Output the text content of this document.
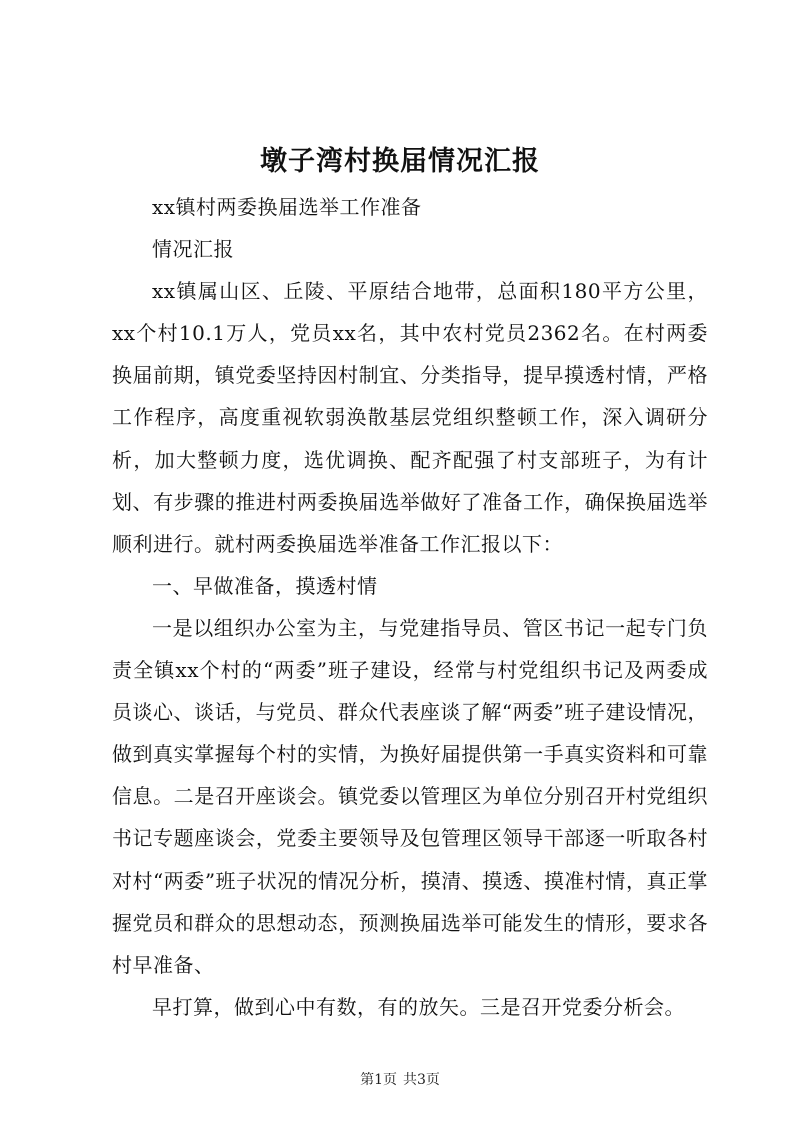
墩子湾村换届情况汇报

xx镇村两委换届选举工作准备

情况汇报

xx镇属山区、丘陵、平原结合地带，总面积180平方公里，xx个村10.1万人，党员xx名，其中农村党员2362名。在村两委换届前期，镇党委坚持因村制宜、分类指导，提早摸透村情，严格工作程序，高度重视软弱涣散基层党组织整顿工作，深入调研分析，加大整顿力度，选优调换、配齐配强了村支部班子，为有计划、有步骤的推进村两委换届选举做好了准备工作，确保换届选举顺利进行。就村两委换届选举准备工作汇报以下：

一、早做准备，摸透村情

一是以组织办公室为主，与党建指导员、管区书记一起专门负责全镇xx个村的“两委”班子建设，经常与村党组织书记及两委成员谈心、谈话，与党员、群众代表座谈了解“两委”班子建设情况，做到真实掌握每个村的实情，为换好届提供第一手真实资料和可靠信息。二是召开座谈会。镇党委以管理区为单位分别召开村党组织书记专题座谈会，党委主要领导及包管理区领导干部逐一听取各村对村“两委”班子状况的情况分析，摸清、摸透、摸准村情，真正掌握党员和群众的思想动态，预测换届选举可能发生的情形，要求各村早准备、

早打算，做到心中有数，有的放矢。三是召开党委分析会。

第1页 共3页
